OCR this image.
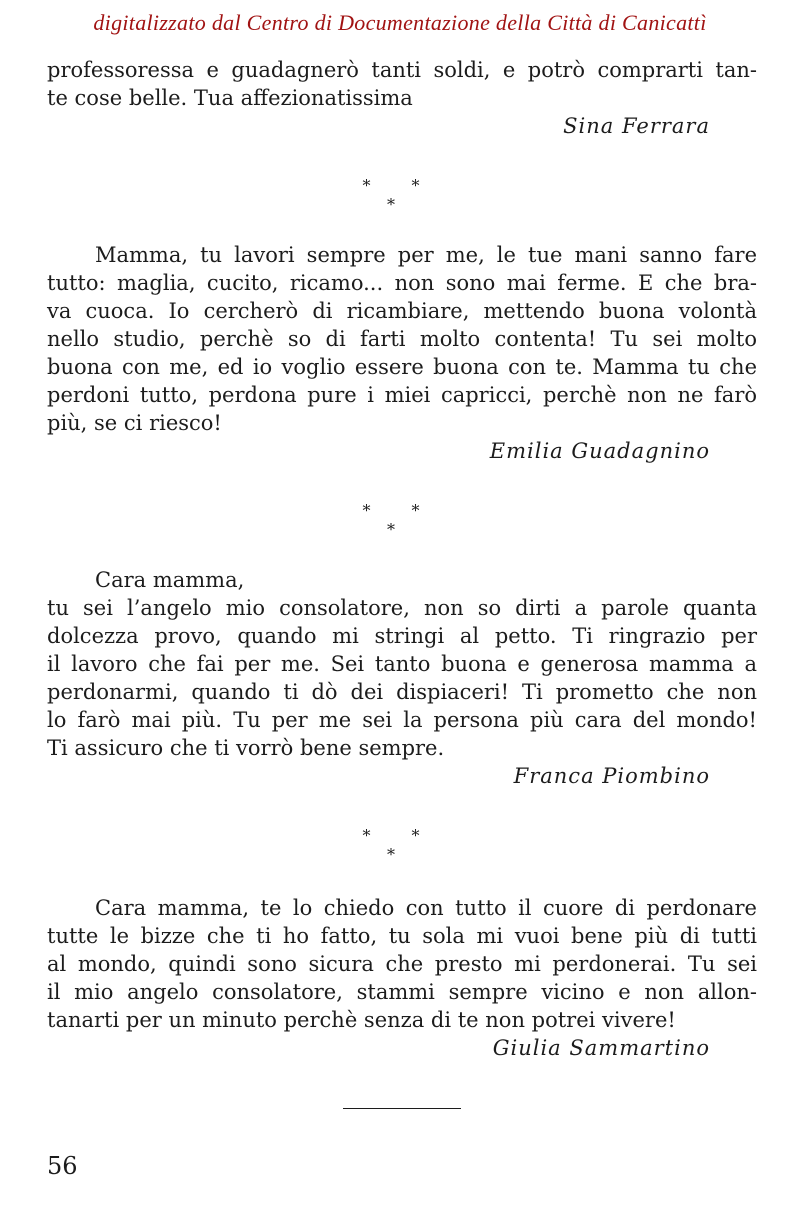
digitalizzato dal Centro di Documentazione della Città di Canicattì
professoressa e guadagnerò tanti soldi, e potrò comprarti tan-
te cose belle. Tua affezionatissima
Sina Ferrara
* * *
Mamma, tu lavori sempre per me, le tue mani sanno fare
tutto: maglia, cucito, ricamo... non sono mai ferme. E che bra-
va cuoca. Io cercherò di ricambiare, mettendo buona volontà
nello studio, perchè so di farti molto contenta! Tu sei molto
buona con me, ed io voglio essere buona con te. Mamma tu che
perdoni tutto, perdona pure i miei capricci, perchè non ne farò
più, se ci riesco!
Emilia Guadagnino
* * *
Cara mamma,
tu sei l’angelo mio consolatore, non so dirti a parole quanta
dolcezza provo, quando mi stringi al petto. Ti ringrazio per
il lavoro che fai per me. Sei tanto buona e generosa mamma a
perdonarmi, quando ti dò dei dispiaceri! Ti prometto che non
lo farò mai più. Tu per me sei la persona più cara del mondo!
Ti assicuro che ti vorrò bene sempre.
Franca Piombino
* * *
Cara mamma, te lo chiedo con tutto il cuore di perdonare
tutte le bizze che ti ho fatto, tu sola mi vuoi bene più di tutti
al mondo, quindi sono sicura che presto mi perdonerai. Tu sei
il mio angelo consolatore, stammi sempre vicino e non allon-
tanarti per un minuto perchè senza di te non potrei vivere!
Giulia Sammartino
56
